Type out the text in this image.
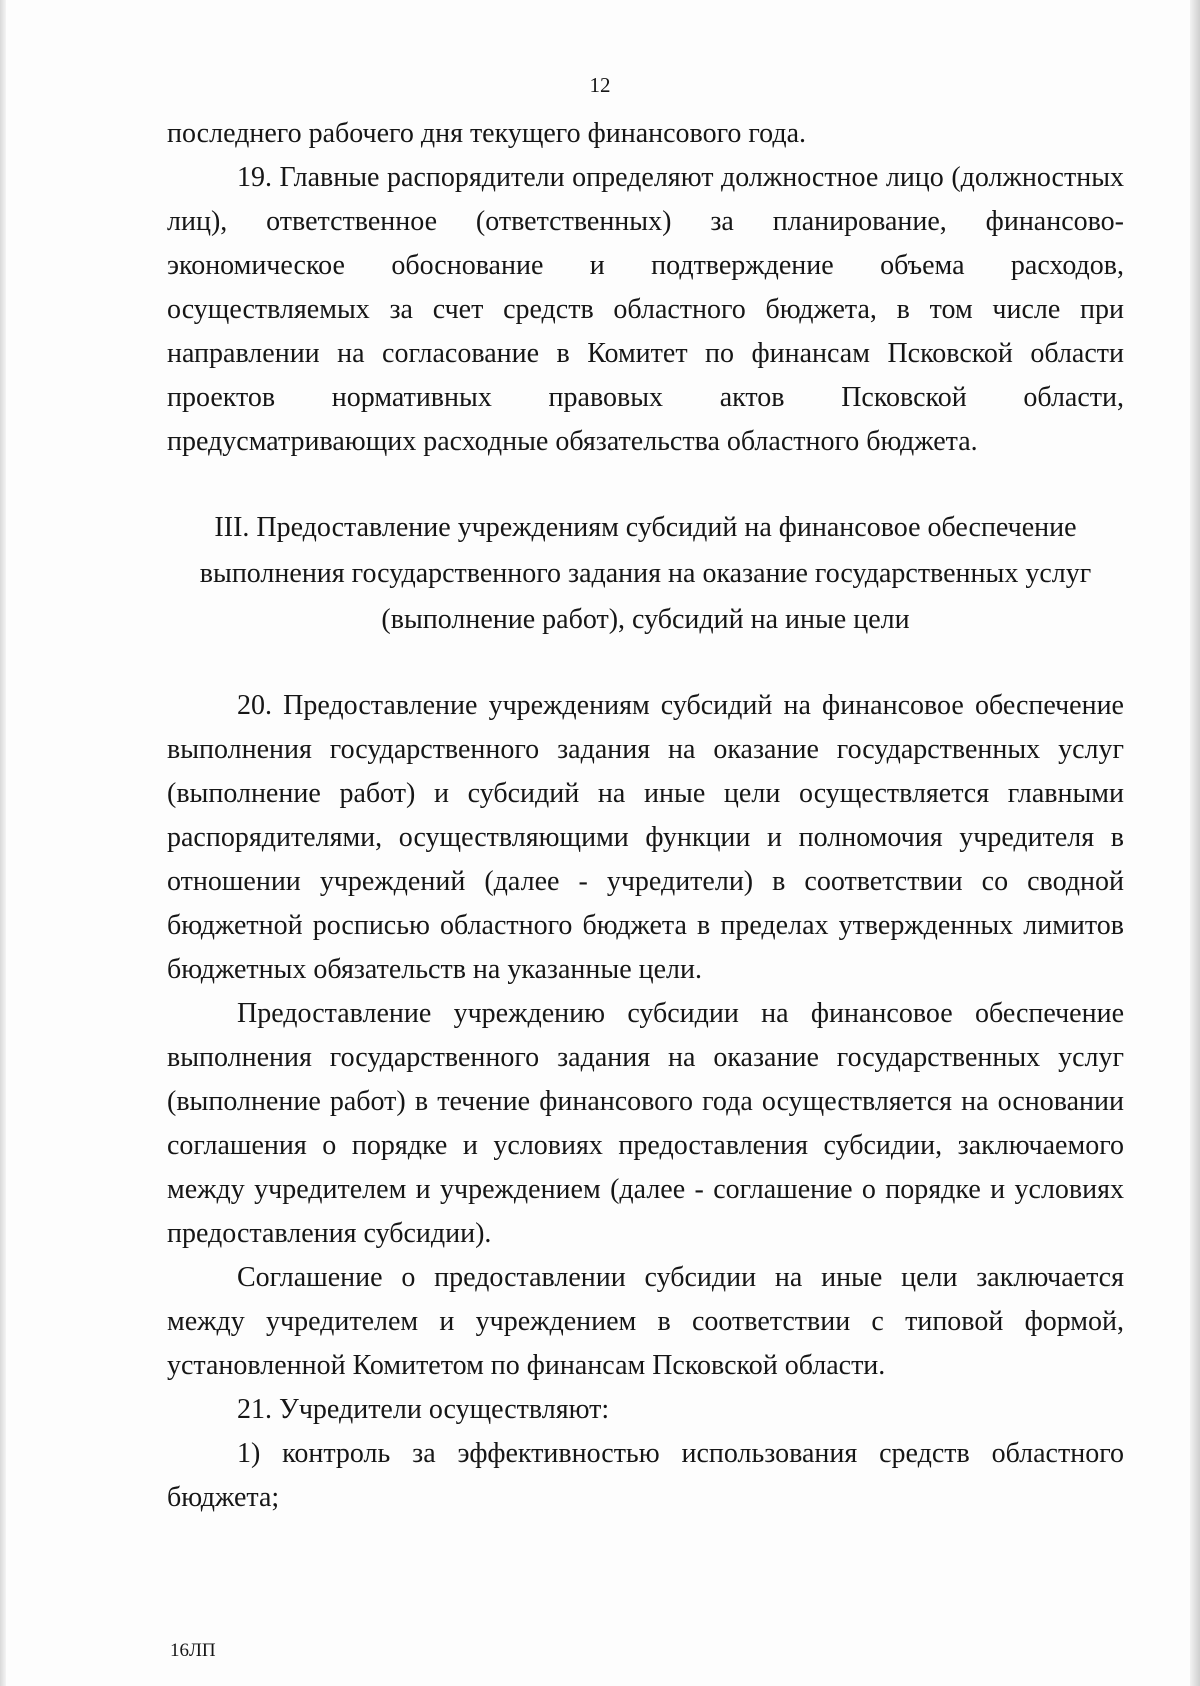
12

последнего рабочего дня текущего финансового года.

19. Главные распорядители определяют должностное лицо (должностных лиц), ответственное (ответственных) за планирование, финансово-экономическое обоснование и подтверждение объема расходов, осуществляемых за счет средств областного бюджета, в том числе при направлении на согласование в Комитет по финансам Псковской области проектов нормативных правовых актов Псковской области, предусматривающих расходные обязательства областного бюджета.

III. Предоставление учреждениям субсидий на финансовое обеспечение выполнения государственного задания на оказание государственных услуг (выполнение работ), субсидий на иные цели

20. Предоставление учреждениям субсидий на финансовое обеспечение выполнения государственного задания на оказание государственных услуг (выполнение работ) и субсидий на иные цели осуществляется главными распорядителями, осуществляющими функции и полномочия учредителя в отношении учреждений (далее - учредители) в соответствии со сводной бюджетной росписью областного бюджета в пределах утвержденных лимитов бюджетных обязательств на указанные цели.

Предоставление учреждению субсидии на финансовое обеспечение выполнения государственного задания на оказание государственных услуг (выполнение работ) в течение финансового года осуществляется на основании соглашения о порядке и условиях предоставления субсидии, заключаемого между учредителем и учреждением (далее - соглашение о порядке и условиях предоставления субсидии).

Соглашение о предоставлении субсидии на иные цели заключается между учредителем и учреждением в соответствии с типовой формой, установленной Комитетом по финансам Псковской области.

21. Учредители осуществляют:

1) контроль за эффективностью использования средств областного бюджета;

16ЛП
